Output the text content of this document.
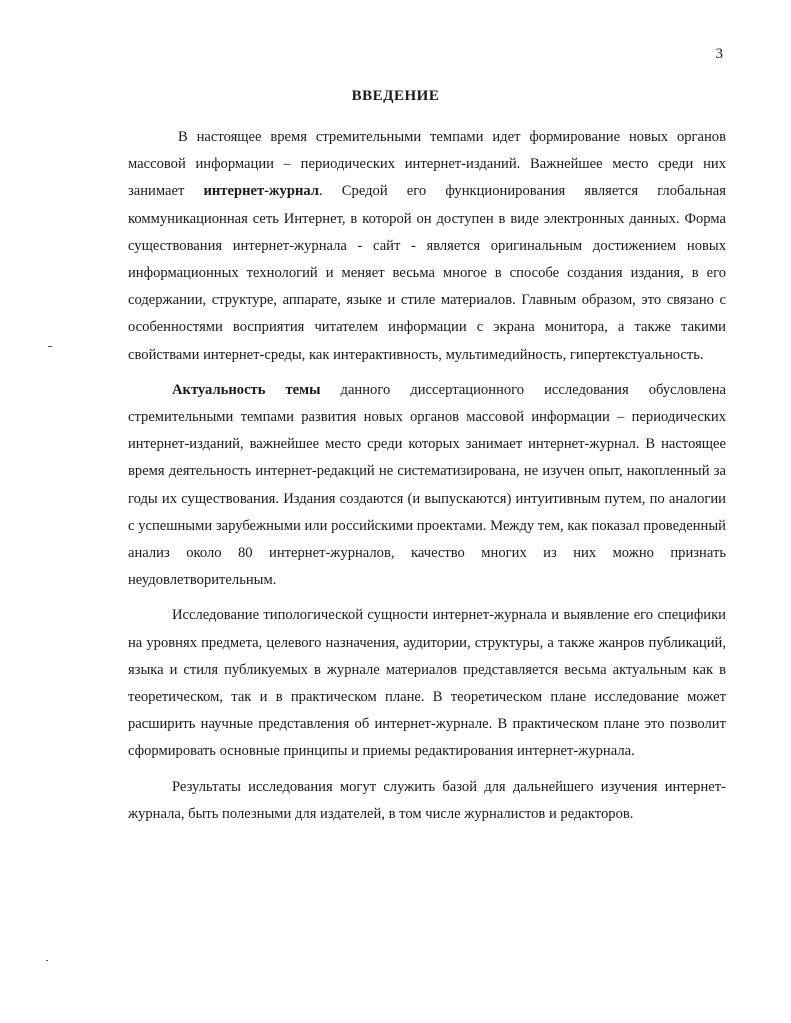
3
ВВЕДЕНИЕ

В настоящее время стремительными темпами идет формирование новых органов массовой информации – периодических интернет-изданий. Важнейшее место среди них занимает интернет-журнал. Средой его функционирования является глобальная коммуникационная сеть Интернет, в которой он доступен в виде электронных данных. Форма существования интернет-журнала - сайт - является оригинальным достижением новых информационных технологий и меняет весьма многое в способе создания издания, в его содержании, структуре, аппарате, языке и стиле материалов. Главным образом, это связано с особенностями восприятия читателем информации с экрана монитора, а также такими свойствами интернет-среды, как интерактивность, мультимедийность, гипертекстуальность.

Актуальность темы данного диссертационного исследования обусловлена стремительными темпами развития новых органов массовой информации – периодических интернет-изданий, важнейшее место среди которых занимает интернет-журнал. В настоящее время деятельность интернет-редакций не систематизирована, не изучен опыт, накопленный за годы их существования. Издания создаются (и выпускаются) интуитивным путем, по аналогии с успешными зарубежными или российскими проектами. Между тем, как показал проведенный анализ около 80 интернет-журналов, качество многих из них можно признать неудовлетворительным.

Исследование типологической сущности интернет-журнала и выявление его специфики на уровнях предмета, целевого назначения, аудитории, структуры, а также жанров публикаций, языка и стиля публикуемых в журнале материалов представляется весьма актуальным как в теоретическом, так и в практическом плане. В теоретическом плане исследование может расширить научные представления об интернет-журнале. В практическом плане это позволит сформировать основные принципы и приемы редактирования интернет-журнала.

Результаты исследования могут служить базой для дальнейшего изучения интернет-журнала, быть полезными для издателей, в том числе журналистов и редакторов.
